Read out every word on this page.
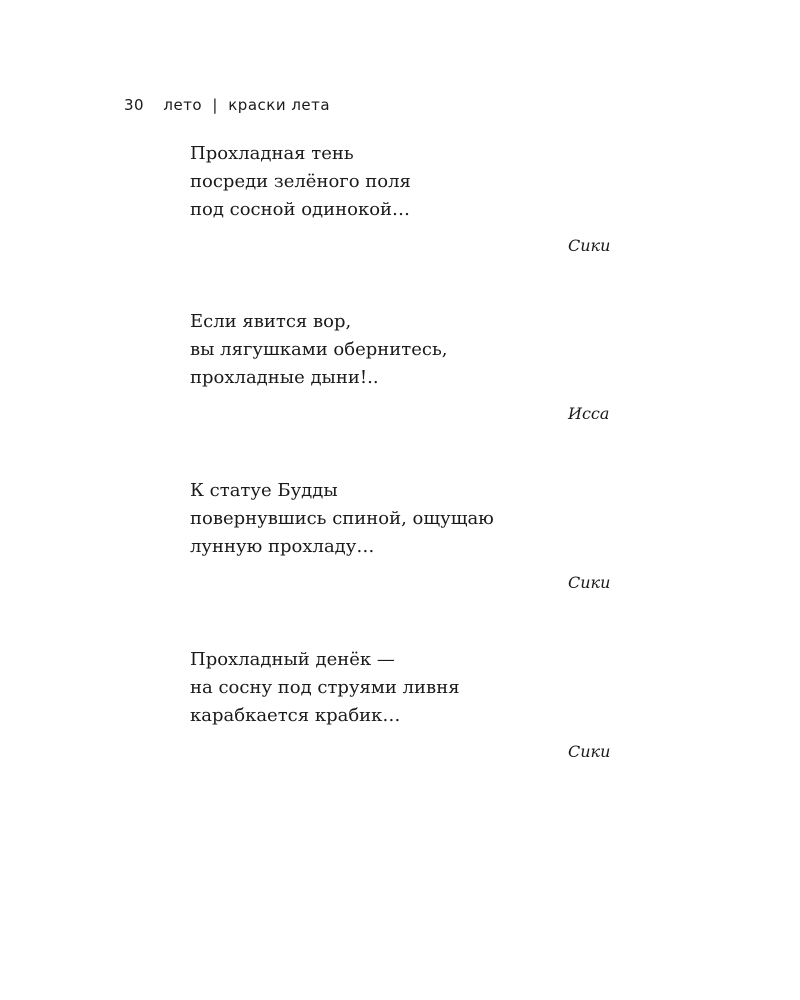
30 лето | краски лета
Прохладная тень
посреди зелёного поля
под сосной одинокой…
Сики
Если явится вор,
вы лягушками обернитесь,
прохладные дыни!..
Исса
К статуе Будды
повернувшись спиной, ощущаю
лунную прохладу…
Сики
Прохладный денёк —
на сосну под струями ливня
карабкается крабик…
Сики
